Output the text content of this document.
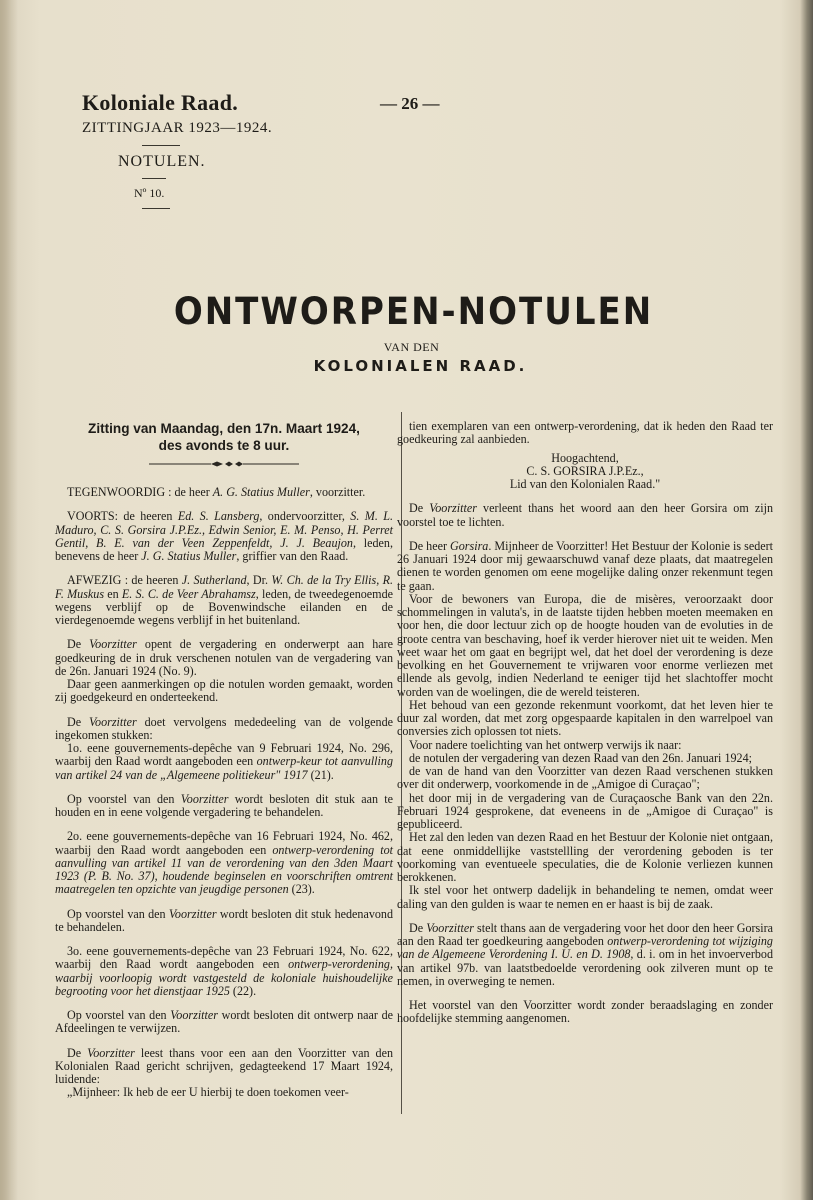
Koloniale Raad.
ZITTINGJAAR 1923—1924.
NOTULEN.
Nº 10.
— 26 —
ONTWORPEN-NOTULEN
VAN DEN
KOLONIALEN RAAD.

Zitting van Maandag, den 17n. Maart 1924,

des avonds te 8 uur.

TEGENWOORDIG : de heer A. G. Statius Muller, voorzitter.

VOORTS: de heeren Ed. S. Lansberg, ondervoorzitter, S. M. L. Maduro, C. S. Gorsira J.P.Ez., Edwin Senior, E. M. Penso, H. Perret Gentil, B. E. van der Veen Zeppenfeldt, J. J. Beaujon, leden, benevens de heer J. G. Statius Muller, griffier van den Raad.

AFWEZIG : de heeren J. Sutherland, Dr. W. Ch. de la Try Ellis, R. F. Muskus en E. S. C. de Veer Abrahamsz, leden, de tweedegenoemde wegens verblijf op de Bovenwindsche eilanden en de vierdegenoemde wegens verblijf in het buitenland.

De Voorzitter opent de vergadering en onderwerpt aan hare goedkeuring de in druk verschenen notulen van de vergadering van de 26n. Januari 1924 (No. 9).

Daar geen aanmerkingen op die notulen worden gemaakt, worden zij goedgekeurd en onderteekend.

De Voorzitter doet vervolgens mededeeling van de volgende ingekomen stukken:

1o. eene gouvernements-depêche van 9 Februari 1924, No. 296, waarbij den Raad wordt aangeboden een ontwerp-keur tot aanvulling van artikel 24 van de „Algemeene politiekeur" 1917 (21).

Op voorstel van den Voorzitter wordt besloten dit stuk aan te houden en in eene volgende vergadering te behandelen.

2o. eene gouvernements-depêche van 16 Februari 1924, No. 462, waarbij den Raad wordt aangeboden een ontwerp-verordening tot aanvulling van artikel 11 van de verordening van den 3den Maart 1923 (P. B. No. 37), houdende beginselen en voorschriften omtrent maatregelen ten opzichte van jeugdige personen (23).

Op voorstel van den Voorzitter wordt besloten dit stuk hedenavond te behandelen.

3o. eene gouvernements-depêche van 23 Februari 1924, No. 622, waarbij den Raad wordt aangeboden een ontwerp-verordening, waarbij voorloopig wordt vastgesteld de koloniale huishoudelijke begrooting voor het dienstjaar 1925 (22).

Op voorstel van den Voorzitter wordt besloten dit ontwerp naar de Afdeelingen te verwijzen.

De Voorzitter leest thans voor een aan den Voorzitter van den Kolonialen Raad gericht schrijven, gedagteekend 17 Maart 1924, luidende:

„Mijnheer: Ik heb de eer U hierbij te doen toekomen veer-

tien exemplaren van een ontwerp-verordening, dat ik heden den Raad ter goedkeuring zal aanbieden.

Hoogachtend,

C. S. GORSIRA J.P.Ez.,

Lid van den Kolonialen Raad."

De Voorzitter verleent thans het woord aan den heer Gorsira om zijn voorstel toe te lichten.

De heer Gorsira. Mijnheer de Voorzitter! Het Bestuur der Kolonie is sedert 26 Januari 1924 door mij gewaarschuwd vanaf deze plaats, dat maatregelen dienen te worden genomen om eene mogelijke daling onzer rekenmunt tegen te gaan.

Voor de bewoners van Europa, die de misères, veroorzaakt door schommelingen in valuta's, in de laatste tijden hebben moeten meemaken en voor hen, die door lectuur zich op de hoogte houden van de evoluties in de groote centra van beschaving, hoef ik verder hierover niet uit te weiden. Men weet waar het om gaat en begrijpt wel, dat het doel der verordening is deze bevolking en het Gouvernement te vrijwaren voor enorme verliezen met ellende als gevolg, indien Nederland te eeniger tijd het slachtoffer mocht worden van de woelingen, die de wereld teisteren.

Het behoud van een gezonde rekenmunt voorkomt, dat het leven hier te duur zal worden, dat met zorg opgespaarde kapitalen in den warrelpoel van conversies zich oplossen tot niets.

Voor nadere toelichting van het ontwerp verwijs ik naar:

de notulen der vergadering van dezen Raad van den 26n. Januari 1924;

de van de hand van den Voorzitter van dezen Raad verschenen stukken over dit onderwerp, voorkomende in de „Amigoe di Curaçao";

het door mij in de vergadering van de Curaçaosche Bank van den 22n. Februari 1924 gesprokene, dat eveneens in de „Amigoe di Curaçao" is gepubliceerd.

Het zal den leden van dezen Raad en het Bestuur der Kolonie niet ontgaan, dat eene onmiddellijke vaststellling der verordening geboden is ter voorkoming van eventueele speculaties, die de Kolonie verliezen kunnen berokkenen.

Ik stel voor het ontwerp dadelijk in behandeling te nemen, omdat weer daling van den gulden is waar te nemen en er haast is bij de zaak.

De Voorzitter stelt thans aan de vergadering voor het door den heer Gorsira aan den Raad ter goedkeuring aangeboden ontwerp-verordening tot wijziging van de Algemeene Verordening I. U. en D. 1908, d. i. om in het invoerverbod van artikel 97b. van laatstbedoelde verordening ook zilveren munt op te nemen, in overweging te nemen.

Het voorstel van den Voorzitter wordt zonder beraadslaging en zonder hoofdelijke stemming aangenomen.
